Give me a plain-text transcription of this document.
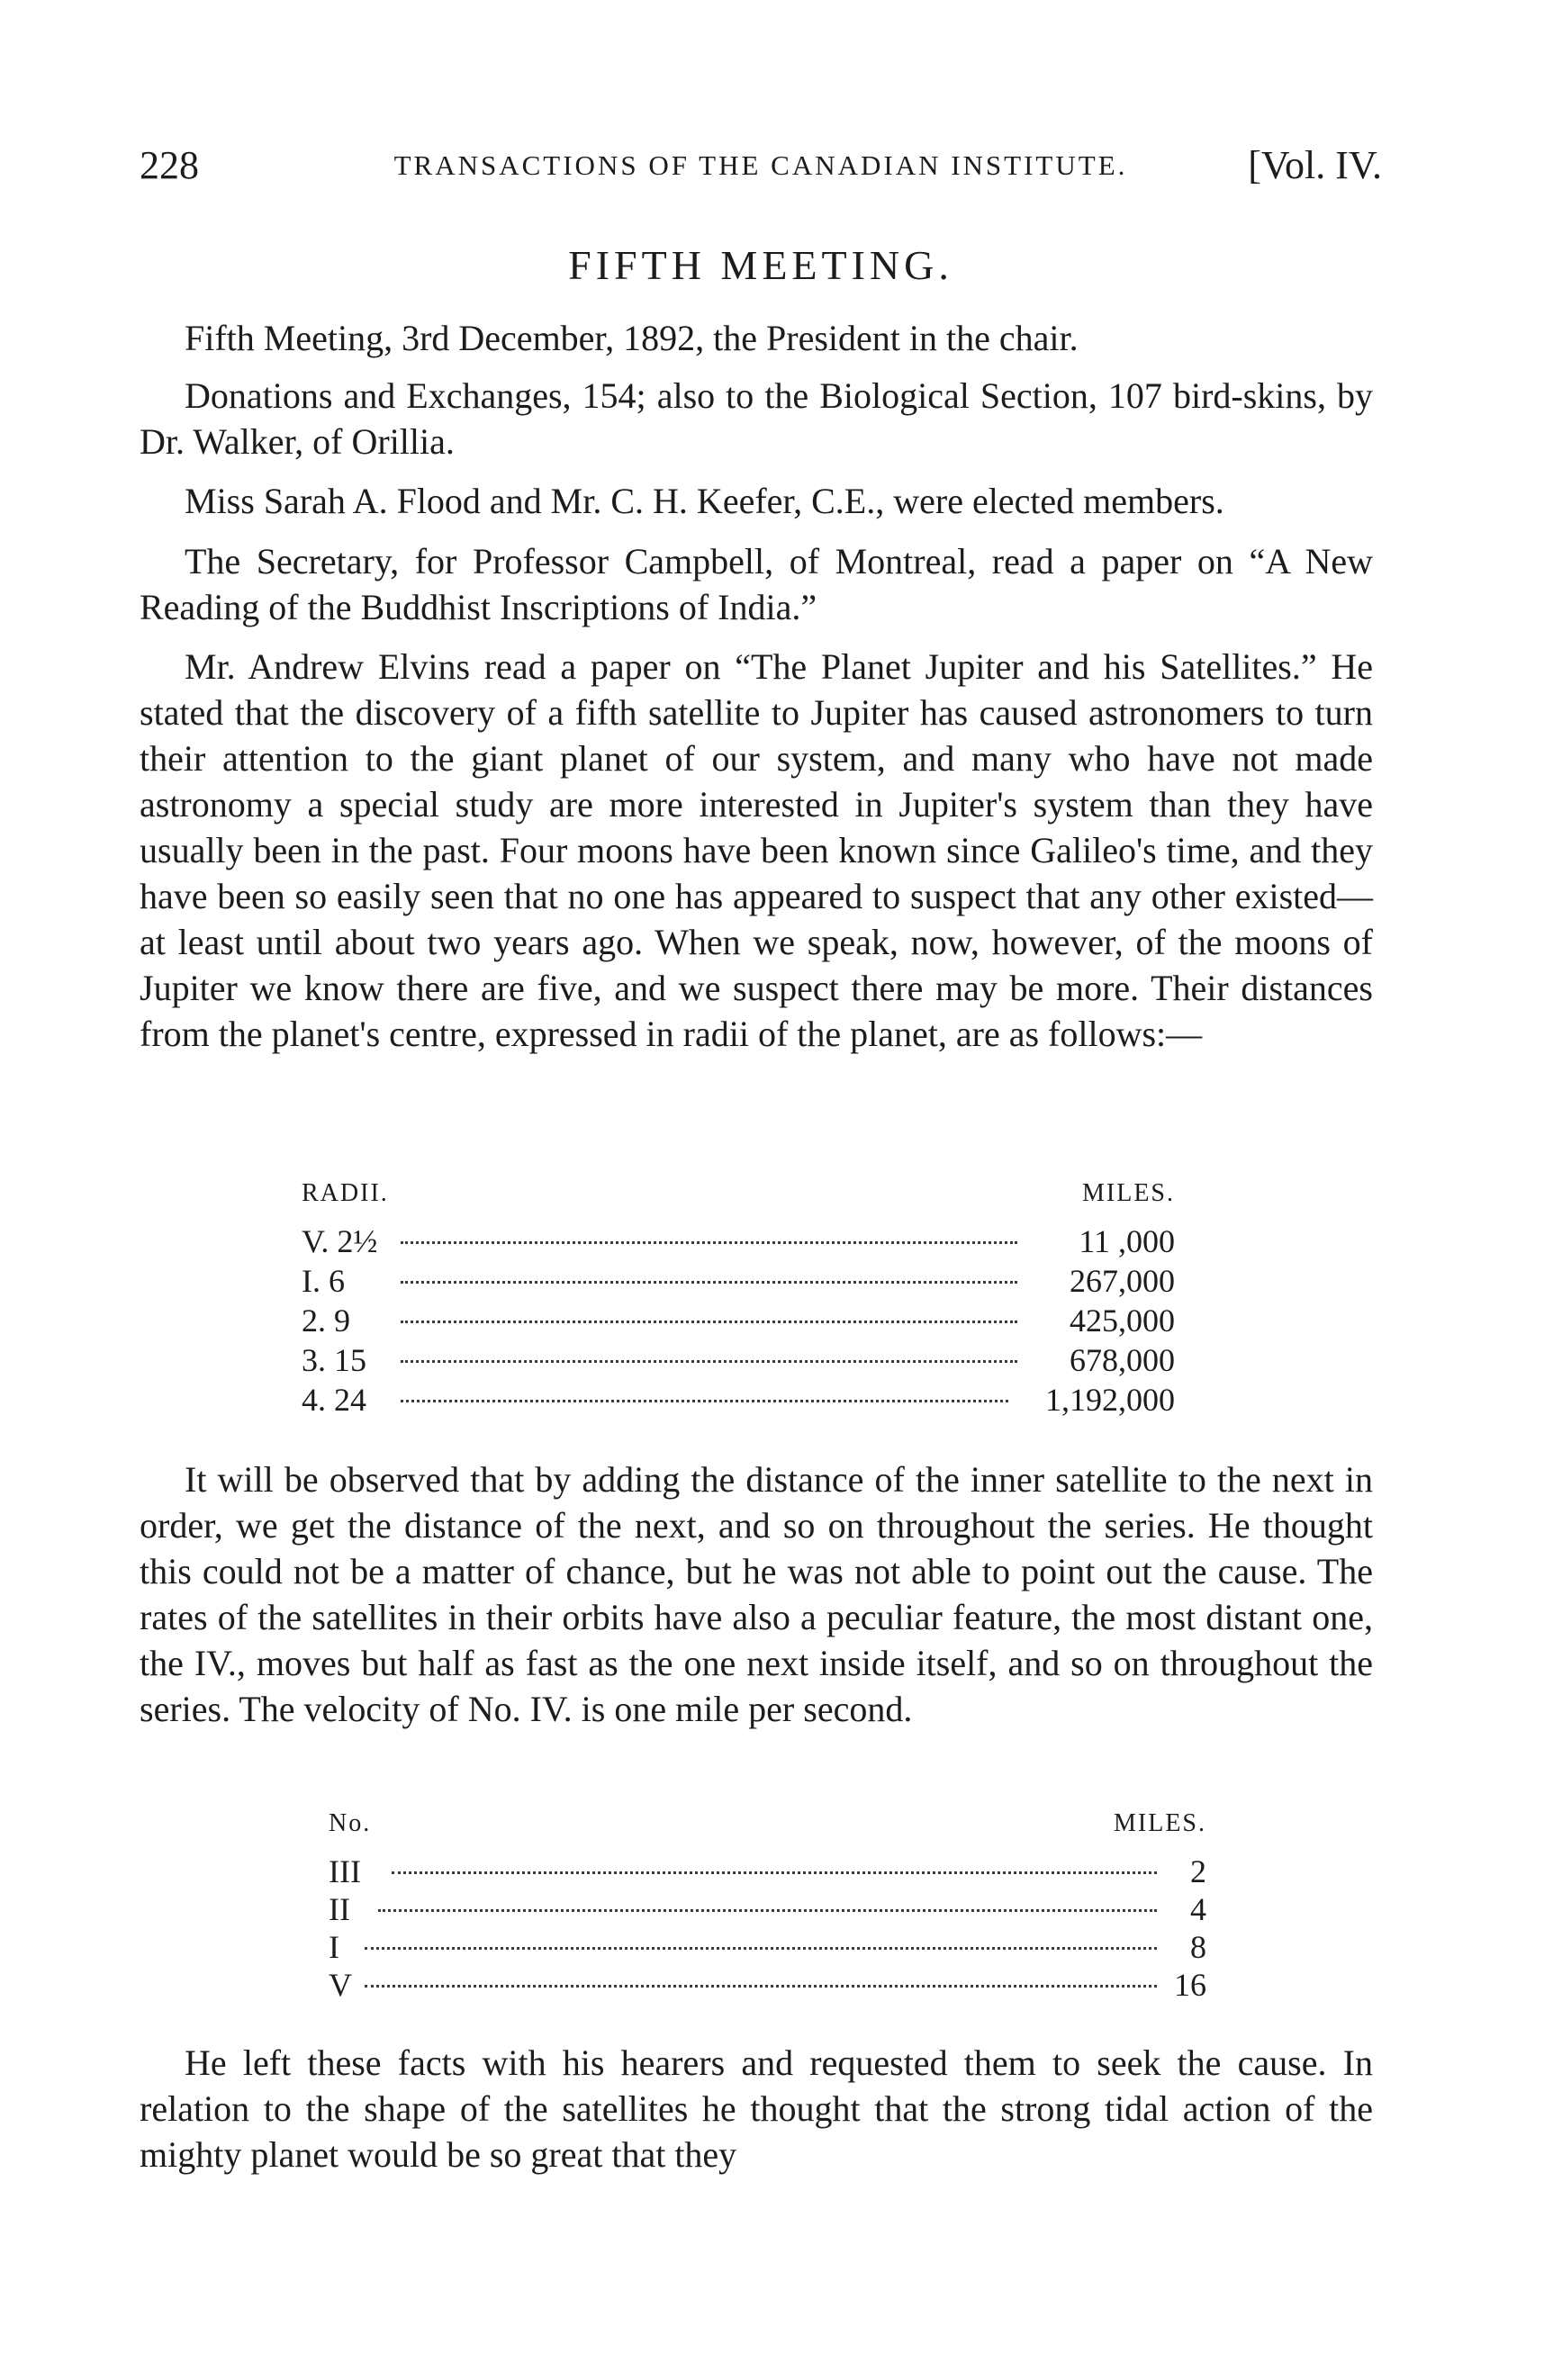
228	TRANSACTIONS OF THE CANADIAN INSTITUTE.	[Vol. IV.
FIFTH MEETING.

Fifth Meeting, 3rd December, 1892, the President in the chair.

Donations and Exchanges, 154; also to the Biological Section, 107 bird-skins, by Dr. Walker, of Orillia.

Miss Sarah A. Flood and Mr. C. H. Keefer, C.E., were elected members.

The Secretary, for Professor Campbell, of Montreal, read a paper on “A New Reading of the Buddhist Inscriptions of India.”

Mr. Andrew Elvins read a paper on “The Planet Jupiter and his Satellites.” He stated that the discovery of a fifth satellite to Jupiter has caused astronomers to turn their attention to the giant planet of our system, and many who have not made astronomy a special study are more interested in Jupiter's system than they have usually been in the past. Four moons have been known since Galileo's time, and they have been so easily seen that no one has appeared to suspect that any other existed—at least until about two years ago. When we speak, now, however, of the moons of Jupiter we know there are five, and we suspect there may be more. Their distances from the planet's centre, expressed in radii of the planet, are as follows:—

RADII.	MILES.
V. 2½	11 ,000
I. 6	267,000
2. 9	425,000
3. 15	678,000
4. 24	1,192,000

It will be observed that by adding the distance of the inner satellite to the next in order, we get the distance of the next, and so on throughout the series. He thought this could not be a matter of chance, but he was not able to point out the cause. The rates of the satellites in their orbits have also a peculiar feature, the most distant one, the IV., moves but half as fast as the one next inside itself, and so on throughout the series. The velocity of No. IV. is one mile per second.

No.	MILES.
III	2
II	4
I	8
V	16

He left these facts with his hearers and requested them to seek the cause. In relation to the shape of the satellites he thought that the strong tidal action of the mighty planet would be so great that they
